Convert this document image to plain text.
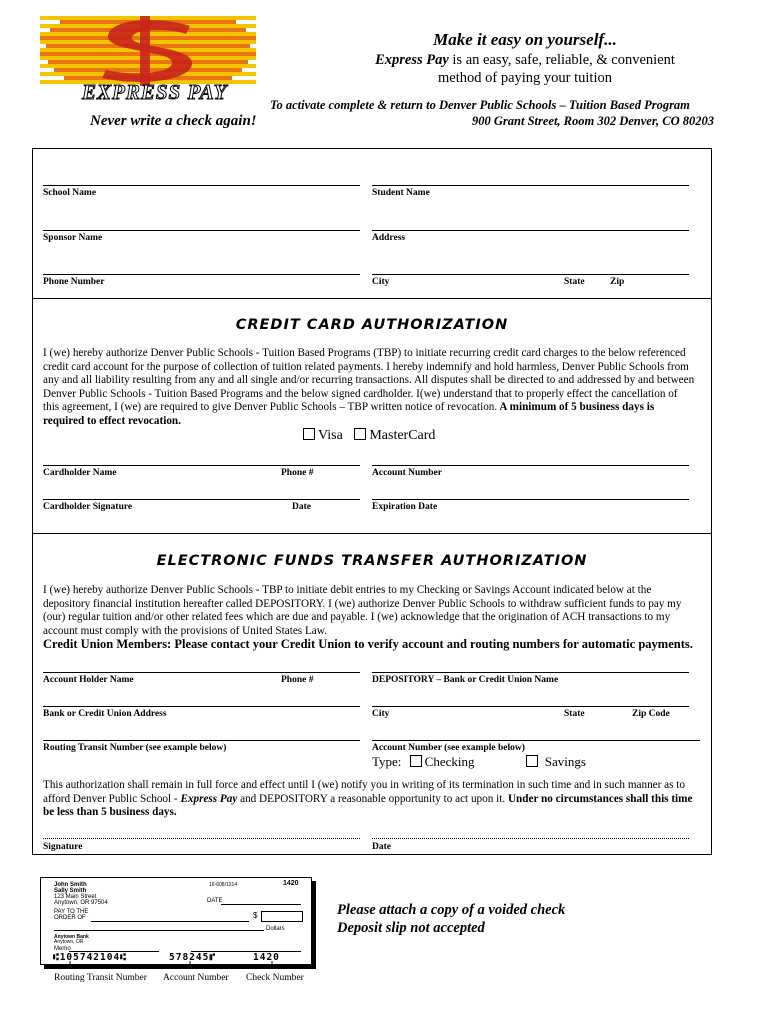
EXPRESS PAY
Never write a check again!
Make it easy on yourself...
Express Pay is an easy, safe, reliable, & convenient
method of paying your tuition
To activate complete & return to Denver Public Schools – Tuition Based Program
900 Grant Street, Room 302 Denver, CO 80203
School Name	Student Name
Sponsor Name	Address
Phone Number	City	State	Zip
CREDIT CARD AUTHORIZATION
I (we) hereby authorize Denver Public Schools - Tuition Based Programs (TBP) to initiate recurring credit card charges to the below referenced
credit card account for the purpose of collection of tuition related payments. I hereby indemnify and hold harmless, Denver Public Schools from
any and all liability resulting from any and all single and/or recurring transactions. All disputes shall be directed to and addressed by and between
Denver Public Schools - Tuition Based Programs and the below signed cardholder. I(we) understand that to properly effect the cancellation of
this agreement, I (we) are required to give Denver Public Schools – TBP written notice of revocation. A minimum of 5 business days is
required to effect revocation.
Visa MasterCard
Cardholder Name	Phone #	Account Number
Cardholder Signature	Date	Expiration Date
ELECTRONIC FUNDS TRANSFER AUTHORIZATION
I (we) hereby authorize Denver Public Schools - TBP to initiate debit entries to my Checking or Savings Account indicated below at the
depository financial institution hereafter called DEPOSITORY. I (we) authorize Denver Public Schools to withdraw sufficient funds to pay my
(our) regular tuition and/or other related fees which are due and payable. I (we) acknowledge that the origination of ACH transactions to my
account must comply with the provisions of United States Law.
Credit Union Members: Please contact your Credit Union to verify account and routing numbers for automatic payments.
Account Holder Name	Phone #	DEPOSITORY – Bank or Credit Union Name
Bank or Credit Union Address	City	State	Zip Code
Routing Transit Number (see example below)	Account Number (see example below)
Type: Checking	Savings
This authorization shall remain in full force and effect until I (we) notify you in writing of its termination in such time and in such manner as to
afford Denver Public School - Express Pay and DEPOSITORY a reasonable opportunity to act upon it. Under no circumstances shall this time
be less than 5 business days.
Signature	Date
John Smith
Sally Smith
123 Main Street
Anytown, OR 97504
16-608/1314	1420
DATE
PAY TO THE
ORDER OF	$
Dollars
Anytown Bank
Anytown, OR
Memo
⑆105742104⑆	578245⑈	1420
Routing Transit Number Account Number Check Number
Please attach a copy of a voided check
Deposit slip not accepted
